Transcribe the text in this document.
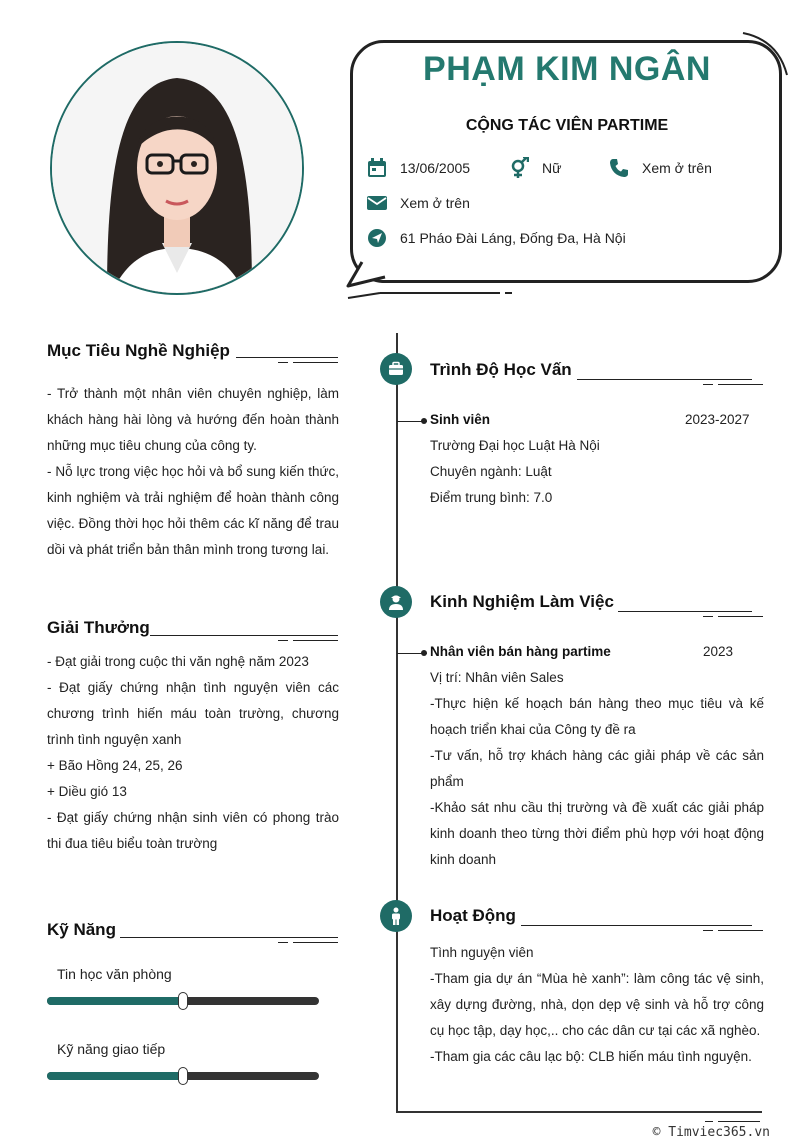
PHẠM KIM NGÂN
CỘNG TÁC VIÊN PARTIME
13/06/2005	Nữ	Xem ở trên
Xem ở trên
61 Pháo Đài Láng, Đống Đa, Hà Nội
Mục Tiêu Nghề Nghiệp

- Trở thành một nhân viên chuyên nghiệp, làm khách hàng hài lòng và hướng đến hoàn thành những mục tiêu chung của công ty.

- Nỗ lực trong việc học hỏi và bổ sung kiến thức, kinh nghiệm và trải nghiệm để hoàn thành công việc. Đồng thời học hỏi thêm các kĩ năng để trau dồi và phát triển bản thân mình trong tương lai.

Giải Thưởng

- Đạt giải trong cuộc thi văn nghệ năm 2023

- Đạt giấy chứng nhận tình nguyện viên các chương trình hiến máu toàn trường, chương trình tình nguyện xanh

+ Bão Hồng 24, 25, 26

+ Diều gió 13

- Đạt giấy chứng nhận sinh viên có phong trào thi đua tiêu biểu toàn trường

Kỹ Năng
Tin học văn phòng
Kỹ năng giao tiếp
Trình Độ Học Vấn
Sinh viên	2023-2027

Trường Đại học Luật Hà Nội

Chuyên ngành: Luật

Điểm trung bình: 7.0

Kinh Nghiệm Làm Việc
Nhân viên bán hàng partime	2023

Vị trí: Nhân viên Sales

-Thực hiện kế hoạch bán hàng theo mục tiêu và kế hoạch triển khai của Công ty đề ra

-Tư vấn, hỗ trợ khách hàng các giải pháp về các sản phẩm

-Khảo sát nhu cầu thị trường và đề xuất các giải pháp kinh doanh theo từng thời điểm phù hợp với hoạt động kinh doanh

Hoạt Động

Tình nguyện viên

-Tham gia dự án “Mùa hè xanh”: làm công tác vệ sinh, xây dựng đường, nhà, dọn dẹp vệ sinh và hỗ trợ công cụ học tập, dạy học,.. cho các dân cư tại các xã nghèo.

-Tham gia các câu lạc bộ: CLB hiến máu tình nguyện.

© Timviec365.vn
